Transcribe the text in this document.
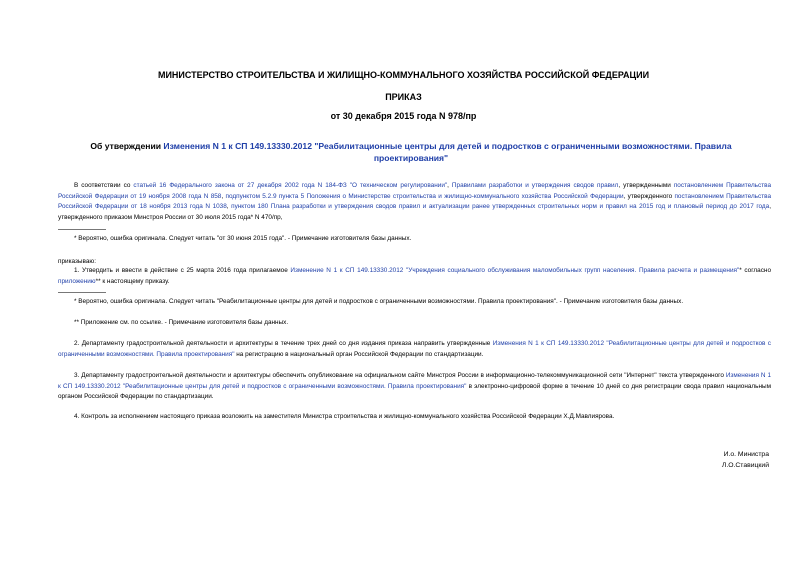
МИНИСТЕРСТВО СТРОИТЕЛЬСТВА И ЖИЛИЩНО-КОММУНАЛЬНОГО ХОЗЯЙСТВА РОССИЙСКОЙ ФЕДЕРАЦИИ
ПРИКАЗ
от 30 декабря 2015 года N 978/пр
Об утверждении Изменения N 1 к СП 149.13330.2012 "Реабилитационные центры для детей и подростков с ограниченными возможностями. Правила проектирования"
В соответствии со статьей 16 Федерального закона от 27 декабря 2002 года N 184-ФЗ "О техническом регулировании", Правилами разработки и утверждения сводов правил, утвержденными постановлением Правительства Российской Федерации от 19 ноября 2008 года N 858, подпунктом 5.2.9 пункта 5 Положения о Министерстве строительства и жилищно-коммунального хозяйства Российской Федерации, утвержденного постановлением Правительства Российской Федерации от 18 ноября 2013 года N 1038, пунктом 180 Плана разработки и утверждения сводов правил и актуализации ранее утвержденных строительных норм и правил на 2015 год и плановый период до 2017 года, утвержденного приказом Минстроя России от 30 июля 2015 года* N 470/пр,
* Вероятно, ошибка оригинала. Следует читать "от 30 июня 2015 года". - Примечание изготовителя базы данных.
приказываю:
1. Утвердить и ввести в действие с 25 марта 2016 года прилагаемое Изменение N 1 к СП 149.13330.2012 "Учреждения социального обслуживания маломобильных групп населения. Правила расчета и размещения"* согласно приложению** к настоящему приказу.
* Вероятно, ошибка оригинала. Следует читать "Реабилитационные центры для детей и подростков с ограниченными возможностями. Правила проектирования". - Примечание изготовителя базы данных.
** Приложение см. по ссылке. - Примечание изготовителя базы данных.
2. Департаменту градостроительной деятельности и архитектуры в течение трех дней со дня издания приказа направить утвержденные Изменения N 1 к СП 149.13330.2012 "Реабилитационные центры для детей и подростков с ограниченными возможностями. Правила проектирования" на регистрацию в национальный орган Российской Федерации по стандартизации.
3. Департаменту градостроительной деятельности и архитектуры обеспечить опубликование на официальном сайте Минстроя России в информационно-телекоммуникационной сети "Интернет" текста утвержденного Изменения N 1 к СП 149.13330.2012 "Реабилитационные центры для детей и подростков с ограниченными возможностями. Правила проектирования" в электронно-цифровой форме в течение 10 дней со дня регистрации свода правил национальным органом Российской Федерации по стандартизации.
4. Контроль за исполнением настоящего приказа возложить на заместителя Министра строительства и жилищно-коммунального хозяйства Российской Федерации Х.Д.Мавлиярова.
И.о. Министра
Л.О.Ставицкий
